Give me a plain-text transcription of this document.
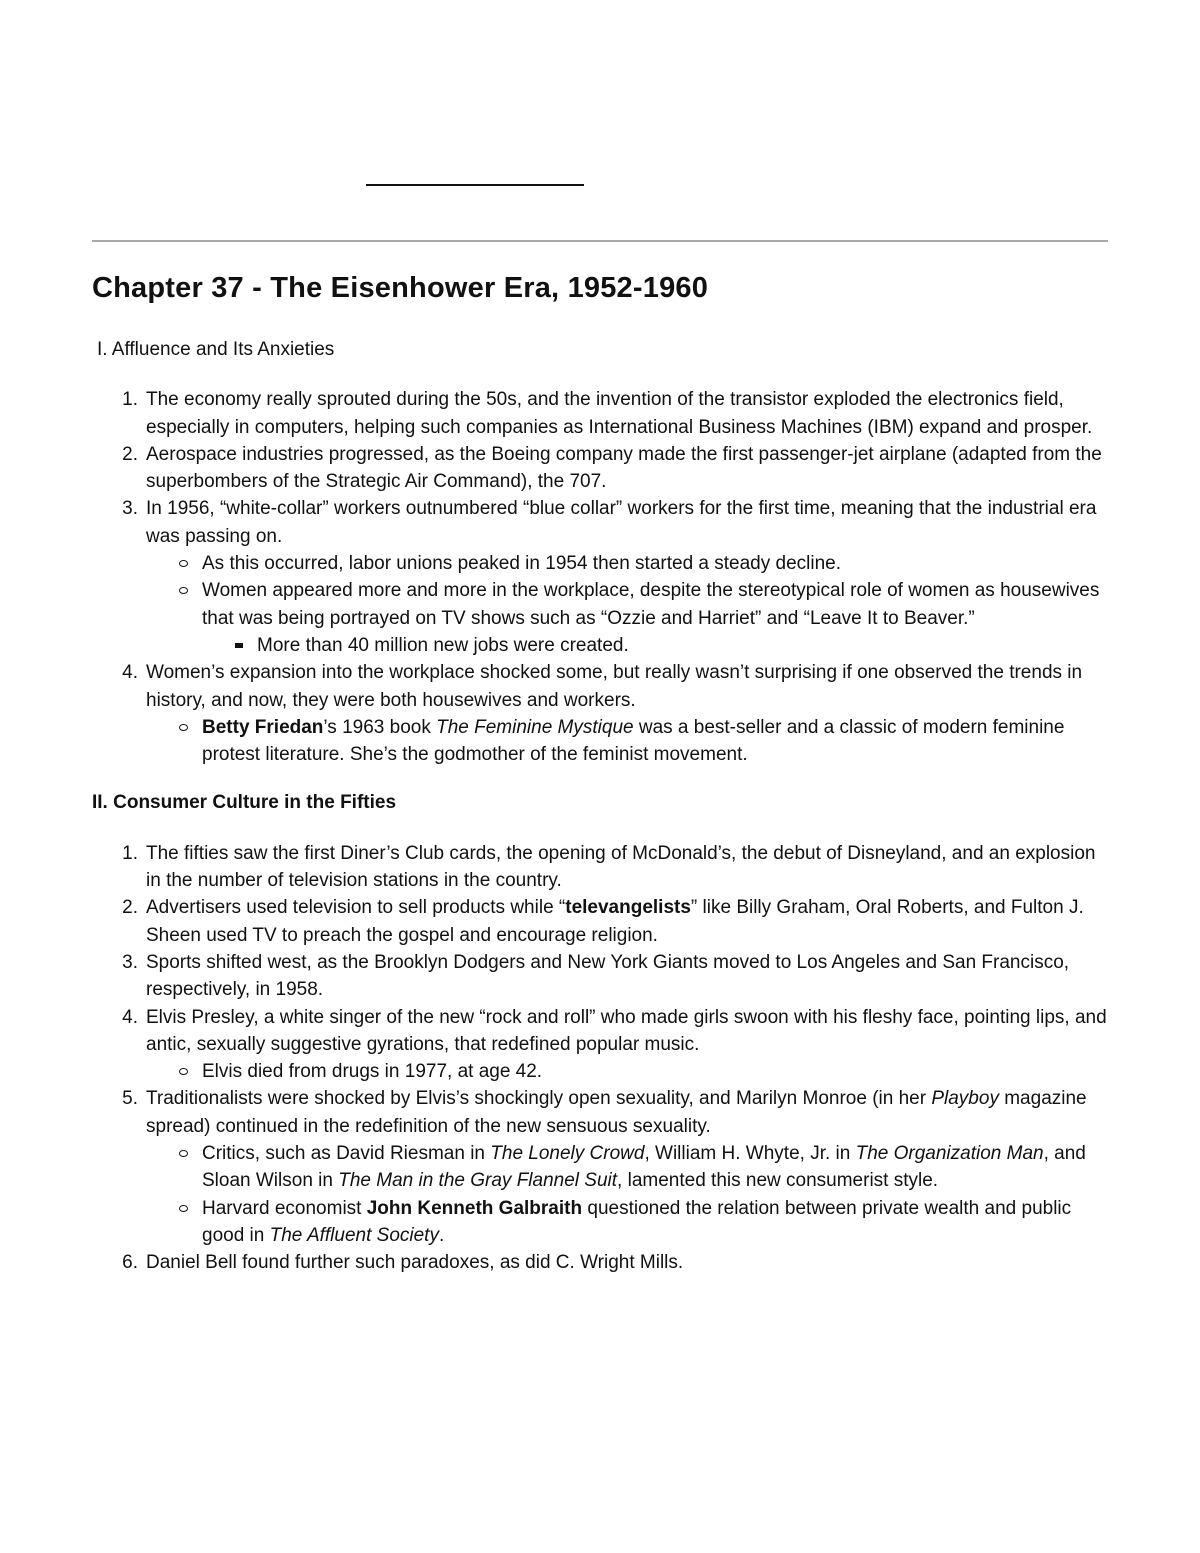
Chapter 37 - The Eisenhower Era, 1952-1960

I. Affluence and Its Anxieties

The economy really sprouted during the 50s, and the invention of the transistor exploded the electronics field, especially in computers, helping such companies as International Business Machines (IBM) expand and prosper.
Aerospace industries progressed, as the Boeing company made the first passenger-jet airplane (adapted from the superbombers of the Strategic Air Command), the 707.
In 1956, “white-collar” workers outnumbered “blue collar” workers for the first time, meaning that the industrial era was passing on.
As this occurred, labor unions peaked in 1954 then started a steady decline.
Women appeared more and more in the workplace, despite the stereotypical role of women as housewives that was being portrayed on TV shows such as “Ozzie and Harriet” and “Leave It to Beaver.”
More than 40 million new jobs were created.
Women’s expansion into the workplace shocked some, but really wasn’t surprising if one observed the trends in history, and now, they were both housewives and workers.
Betty Friedan’s 1963 book The Feminine Mystique was a best-seller and a classic of modern feminine protest literature. She’s the godmother of the feminist movement.

II. Consumer Culture in the Fifties

The fifties saw the first Diner’s Club cards, the opening of McDonald’s, the debut of Disneyland, and an explosion in the number of television stations in the country.
Advertisers used television to sell products while “televangelists” like Billy Graham, Oral Roberts, and Fulton J. Sheen used TV to preach the gospel and encourage religion.
Sports shifted west, as the Brooklyn Dodgers and New York Giants moved to Los Angeles and San Francisco, respectively, in 1958.
Elvis Presley, a white singer of the new “rock and roll” who made girls swoon with his fleshy face, pointing lips, and antic, sexually suggestive gyrations, that redefined popular music.
Elvis died from drugs in 1977, at age 42.
Traditionalists were shocked by Elvis’s shockingly open sexuality, and Marilyn Monroe (in her Playboy magazine spread) continued in the redefinition of the new sensuous sexuality.
Critics, such as David Riesman in The Lonely Crowd, William H. Whyte, Jr. in The Organization Man, and Sloan Wilson in The Man in the Gray Flannel Suit, lamented this new consumerist style.
Harvard economist John Kenneth Galbraith questioned the relation between private wealth and public good in The Affluent Society.
Daniel Bell found further such paradoxes, as did C. Wright Mills.
